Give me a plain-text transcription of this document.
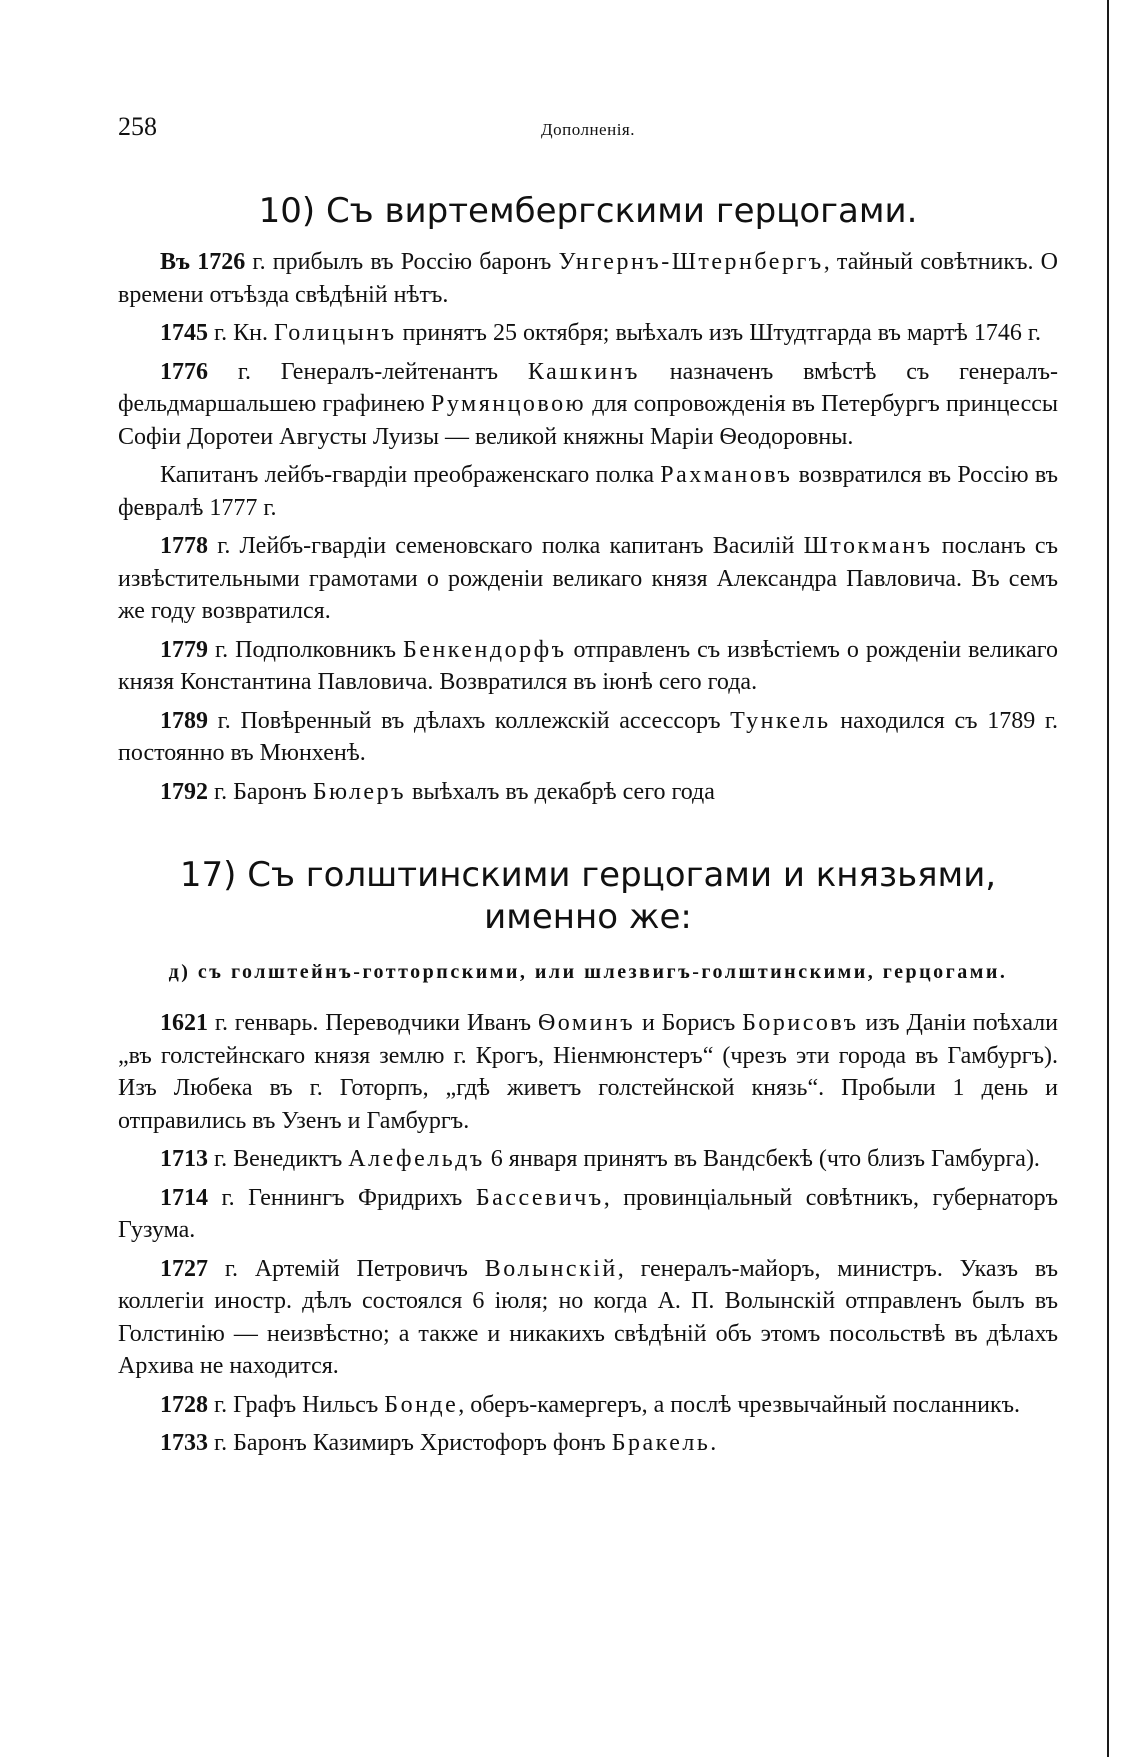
258	Дополненія.
10) Съ виртембергскими герцогами.

Въ 1726 г. прибылъ въ Россію баронъ Унгернъ-Штернбергъ, тайный совѣтникъ. О времени отъѣзда свѣдѣній нѣтъ.

1745 г. Кн. Голицынъ принятъ 25 октября; выѣхалъ изъ Штудтгарда въ мартѣ 1746 г.

1776 г. Генералъ-лейтенантъ Кашкинъ назначенъ вмѣстѣ съ генералъ-фельдмаршальшею графинею Румянцовою для сопровожденія въ Петербургъ принцессы Софіи Доротеи Августы Луизы — великой княжны Маріи Ѳеодоровны.

Капитанъ лейбъ-гвардіи преображенскаго полка Рахмановъ возвратился въ Россію въ февралѣ 1777 г.

1778 г. Лейбъ-гвардіи семеновскаго полка капитанъ Василій Штокманъ посланъ съ извѣстительными грамотами о рожденіи великаго князя Александра Павловича. Въ семъ же году возвратился.

1779 г. Подполковникъ Бенкендорфъ отправленъ съ извѣстіемъ о рожденіи великаго князя Константина Павловича. Возвратился въ іюнѣ сего года.

1789 г. Повѣренный въ дѣлахъ коллежскій ассессоръ Тункель находился съ 1789 г. постоянно въ Мюнхенѣ.

1792 г. Баронъ Бюлеръ выѣхалъ въ декабрѣ сего года

17) Съ голштинскими герцогами и князьями,
именно же:
д) съ голштейнъ-готторпскими, или шлезвигъ-голштинскими, герцогами.

1621 г. генварь. Переводчики Иванъ Ѳоминъ и Борисъ Борисовъ изъ Даніи поѣхали „въ голстейнскаго князя землю г. Крогъ, Ніенмюнстеръ“ (чрезъ эти города въ Гамбургъ). Изъ Любека въ г. Готорпъ, „гдѣ живетъ голстейнской князь“. Пробыли 1 день и отправились въ Узенъ и Гамбургъ.

1713 г. Венедиктъ Алефельдъ 6 января принятъ въ Вандсбекѣ (что близъ Гамбурга).

1714 г. Геннингъ Фридрихъ Бассевичъ, провинціальный совѣтникъ, губернаторъ Гузума.

1727 г. Артемій Петровичъ Волынскій, генералъ-майоръ, министръ. Указъ въ коллегіи иностр. дѣлъ состоялся 6 іюля; но когда А. П. Волынскій отправленъ былъ въ Голстинію — неизвѣстно; а также и никакихъ свѣдѣній объ этомъ посольствѣ въ дѣлахъ Архива не находится.

1728 г. Графъ Нильсъ Бонде, оберъ-камергеръ, а послѣ чрезвычайный посланникъ.

1733 г. Баронъ Казимиръ Христофоръ фонъ Бракель.
